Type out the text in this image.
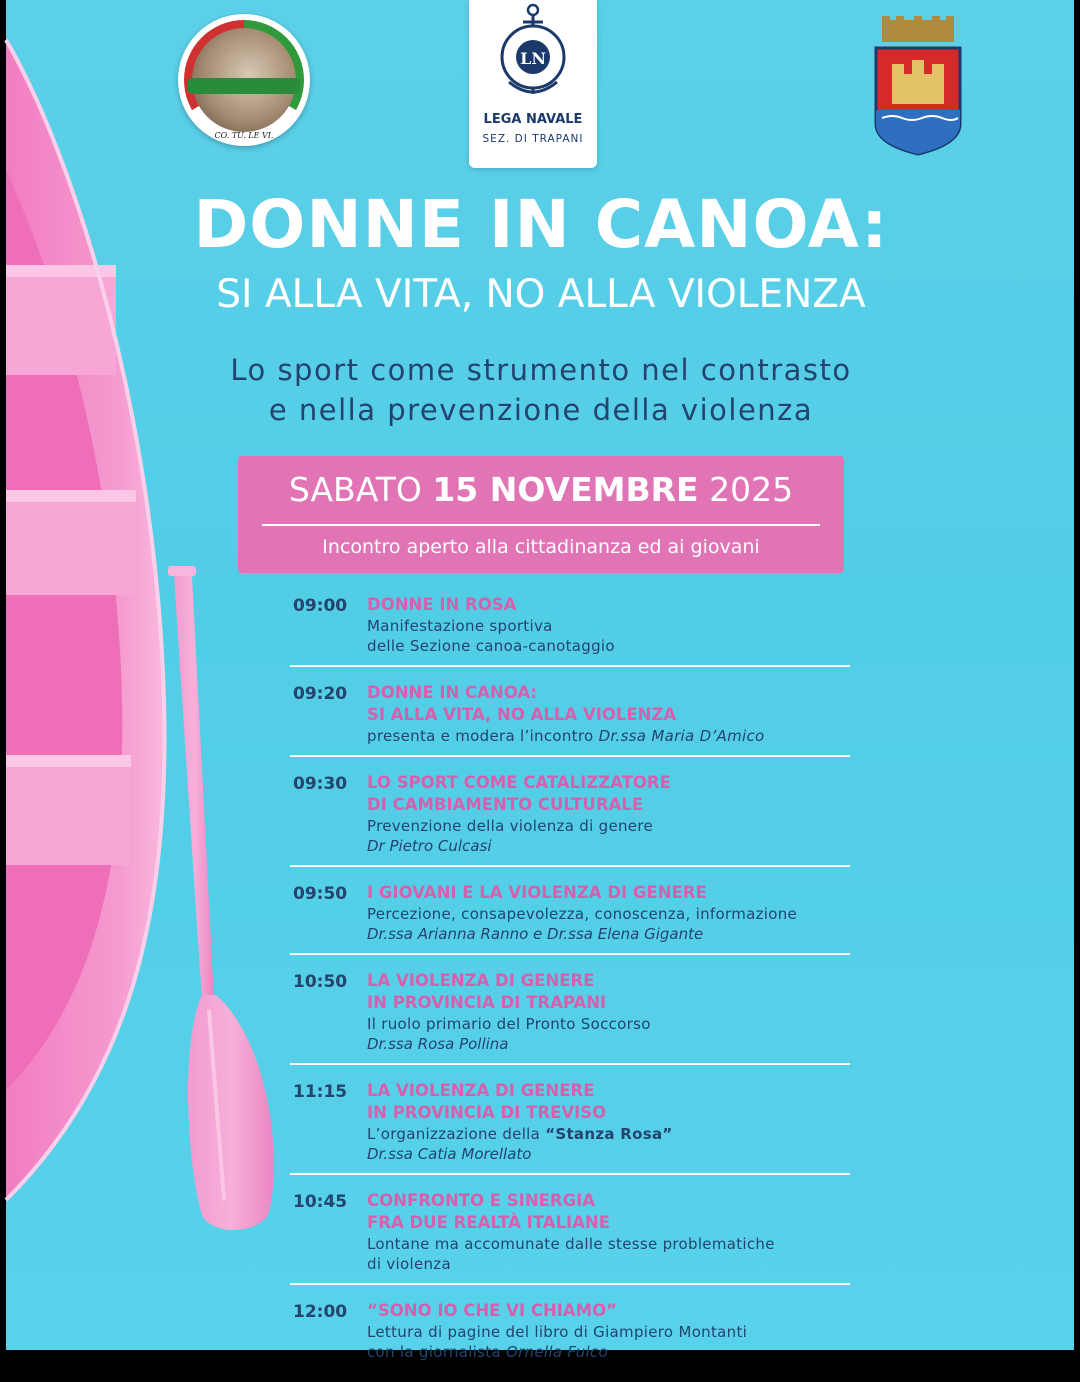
CO. TU. LE VI.
LN
LEGA NAVALE
SEZ. DI TRAPANI
DONNE IN CANOA:
SI ALLA VITA, NO ALLA VIOLENZA
Lo sport come strumento nel contrasto
e nella prevenzione della violenza
SABATO 15 NOVEMBRE 2025
Incontro aperto alla cittadinanza ed ai giovani
09:00 DONNE IN ROSA
Manifestazione sportiva
delle Sezione canoa-canotaggio
09:20 DONNE IN CANOA:
SI ALLA VITA, NO ALLA VIOLENZA
presenta e modera l’incontro Dr.ssa Maria D’Amico
09:30 LO SPORT COME CATALIZZATORE
DI CAMBIAMENTO CULTURALE
Prevenzione della violenza di genere
Dr Pietro Culcasi
09:50 I GIOVANI E LA VIOLENZA DI GENERE
Percezione, consapevolezza, conoscenza, informazione
Dr.ssa Arianna Ranno e Dr.ssa Elena Gigante
10:50 LA VIOLENZA DI GENERE
IN PROVINCIA DI TRAPANI
Il ruolo primario del Pronto Soccorso
Dr.ssa Rosa Pollina
11:15 LA VIOLENZA DI GENERE
IN PROVINCIA DI TREVISO
L’organizzazione della “Stanza Rosa”
Dr.ssa Catia Morellato
10:45 CONFRONTO E SINERGIA
FRA DUE REALTÀ ITALIANE
Lontane ma accomunate dalle stesse problematiche
di violenza
12:00 “SONO IO CHE VI CHIAMO”
Lettura di pagine del libro di Giampiero Montanti
con la giornalista Ornella Fulco
